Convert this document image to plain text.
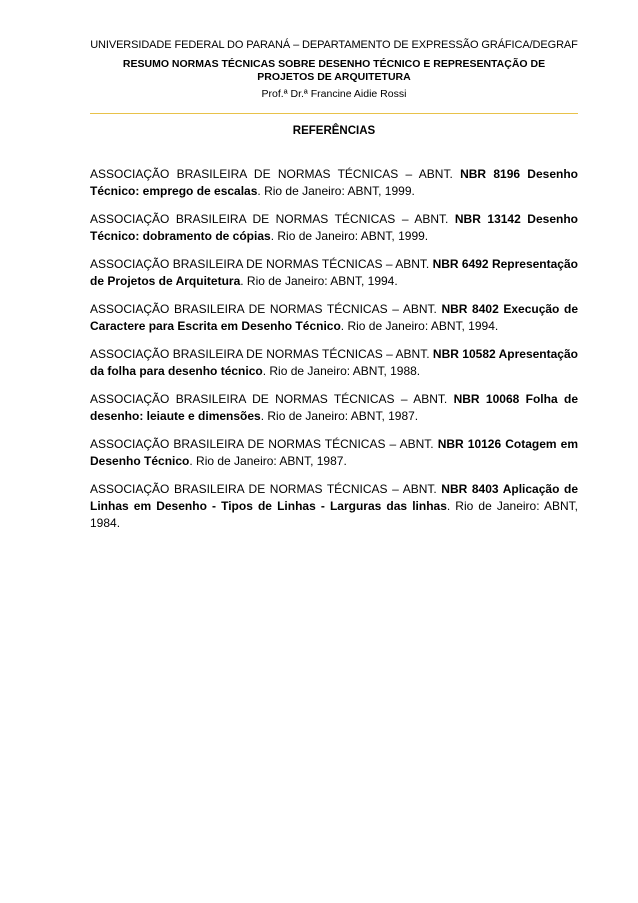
UNIVERSIDADE FEDERAL DO PARANÁ – DEPARTAMENTO DE EXPRESSÃO GRÁFICA/DEGRAF
RESUMO NORMAS TÉCNICAS SOBRE DESENHO TÉCNICO E REPRESENTAÇÃO DE PROJETOS DE ARQUITETURA
Prof.ª Dr.ª Francine Aidie Rossi
REFERÊNCIAS

ASSOCIAÇÃO BRASILEIRA DE NORMAS TÉCNICAS – ABNT. NBR 8196 Desenho Técnico: emprego de escalas. Rio de Janeiro: ABNT, 1999.

ASSOCIAÇÃO BRASILEIRA DE NORMAS TÉCNICAS – ABNT. NBR 13142 Desenho Técnico: dobramento de cópias. Rio de Janeiro: ABNT, 1999.

ASSOCIAÇÃO BRASILEIRA DE NORMAS TÉCNICAS – ABNT. NBR 6492 Representação de Projetos de Arquitetura. Rio de Janeiro: ABNT, 1994.

ASSOCIAÇÃO BRASILEIRA DE NORMAS TÉCNICAS – ABNT. NBR 8402 Execução de Caractere para Escrita em Desenho Técnico. Rio de Janeiro: ABNT, 1994.

ASSOCIAÇÃO BRASILEIRA DE NORMAS TÉCNICAS – ABNT. NBR 10582 Apresentação da folha para desenho técnico. Rio de Janeiro: ABNT, 1988.

ASSOCIAÇÃO BRASILEIRA DE NORMAS TÉCNICAS – ABNT. NBR 10068 Folha de desenho: leiaute e dimensões. Rio de Janeiro: ABNT, 1987.

ASSOCIAÇÃO BRASILEIRA DE NORMAS TÉCNICAS – ABNT. NBR 10126 Cotagem em Desenho Técnico. Rio de Janeiro: ABNT, 1987.

ASSOCIAÇÃO BRASILEIRA DE NORMAS TÉCNICAS – ABNT. NBR 8403 Aplicação de Linhas em Desenho - Tipos de Linhas - Larguras das linhas. Rio de Janeiro: ABNT, 1984.
